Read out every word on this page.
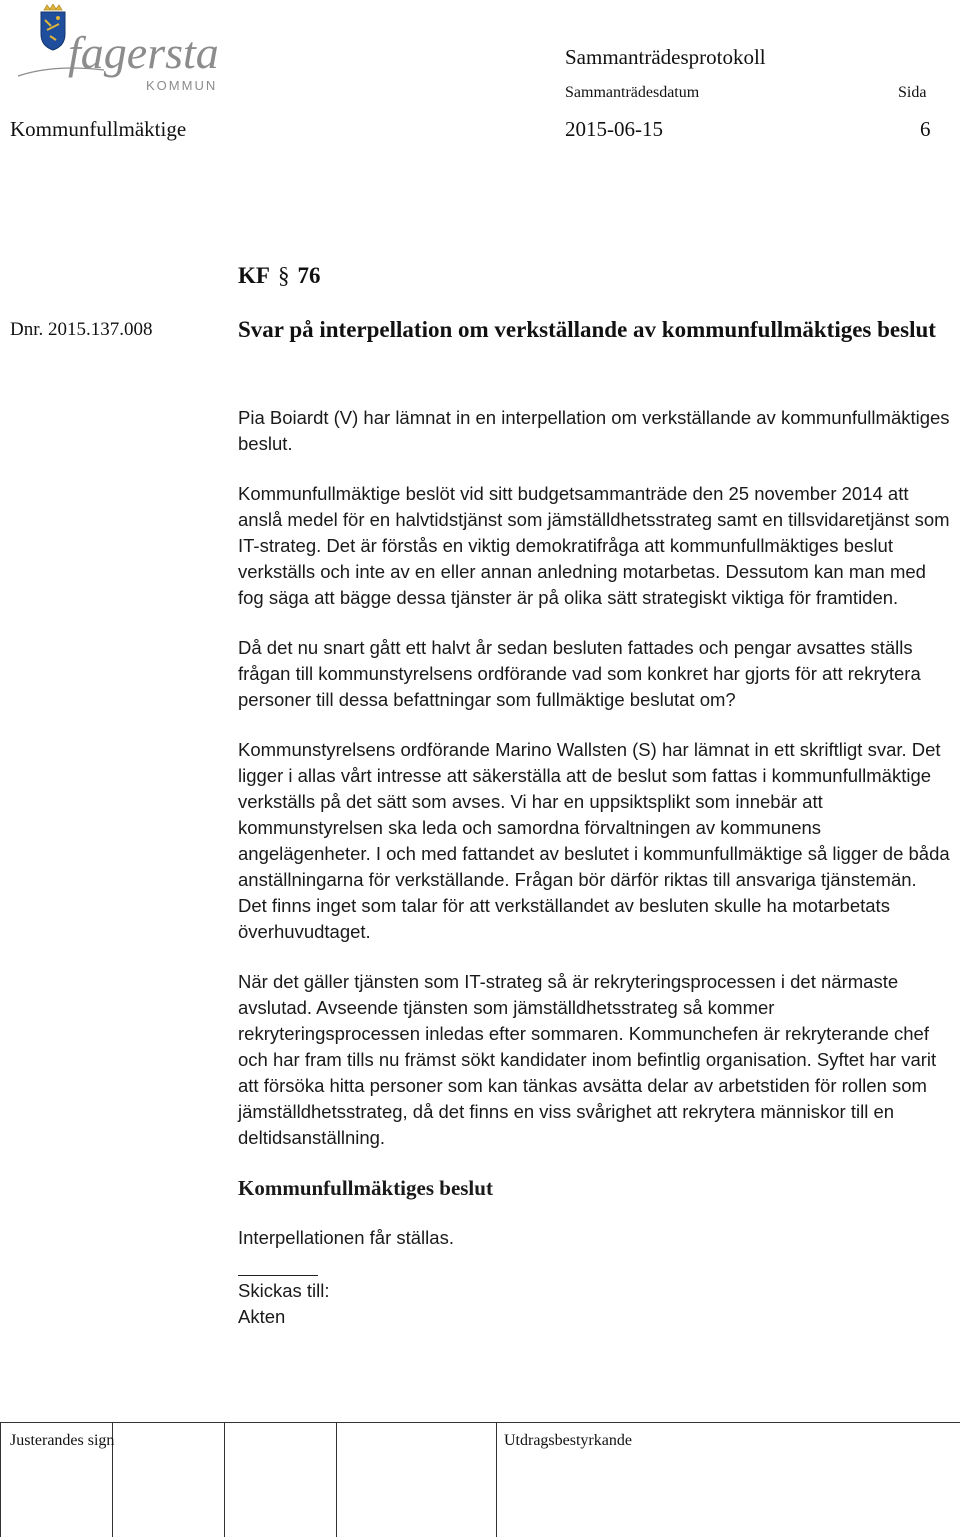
fagersta
KOMMUN
Sammanträdesprotokoll
Sammanträdesdatum	Sida
Kommunfullmäktige	2015-06-15	6
KF § 76
Dnr. 2015.137.008	Svar på interpellation om verkställande av kommunfullmäktiges beslut

Pia Boiardt (V) har lämnat in en interpellation om verkställande av kommunfullmäktiges beslut.

Kommunfullmäktige beslöt vid sitt budgetsammanträde den 25 november 2014 att anslå medel för en halvtidstjänst som jämställdhetsstrateg samt en tillsvidaretjänst som IT-strateg. Det är förstås en viktig demokratifråga att kommunfullmäktiges beslut verkställs och inte av en eller annan anledning motarbetas. Dessutom kan man med fog säga att bägge dessa tjänster är på olika sätt strategiskt viktiga för framtiden.

Då det nu snart gått ett halvt år sedan besluten fattades och pengar avsattes ställs frågan till kommunstyrelsens ordförande vad som konkret har gjorts för att rekrytera personer till dessa befattningar som fullmäktige beslutat om?

Kommunstyrelsens ordförande Marino Wallsten (S) har lämnat in ett skriftligt svar. Det ligger i allas vårt intresse att säkerställa att de beslut som fattas i kommunfullmäktige verkställs på det sätt som avses. Vi har en uppsiktsplikt som innebär att kommunstyrelsen ska leda och samordna förvaltningen av kommunens angelägenheter. I och med fattandet av beslutet i kommunfullmäktige så ligger de båda anställningarna för verkställande. Frågan bör därför riktas till ansvariga tjänstemän. Det finns inget som talar för att verkställandet av besluten skulle ha motarbetats överhuvudtaget.

När det gäller tjänsten som IT-strateg så är rekryteringsprocessen i det närmaste avslutad. Avseende tjänsten som jämställdhetsstrateg så kommer rekryteringsprocessen inledas efter sommaren. Kommunchefen är rekryterande chef och har fram tills nu främst sökt kandidater inom befintlig organisation. Syftet har varit att försöka hitta personer som kan tänkas avsätta delar av arbetstiden för rollen som jämställdhetsstrateg, då det finns en viss svårighet att rekrytera människor till en deltidsanställning.

Kommunfullmäktiges beslut

Interpellationen får ställas.

Skickas till:

Akten

Justerandes sign	Utdragsbestyrkande
